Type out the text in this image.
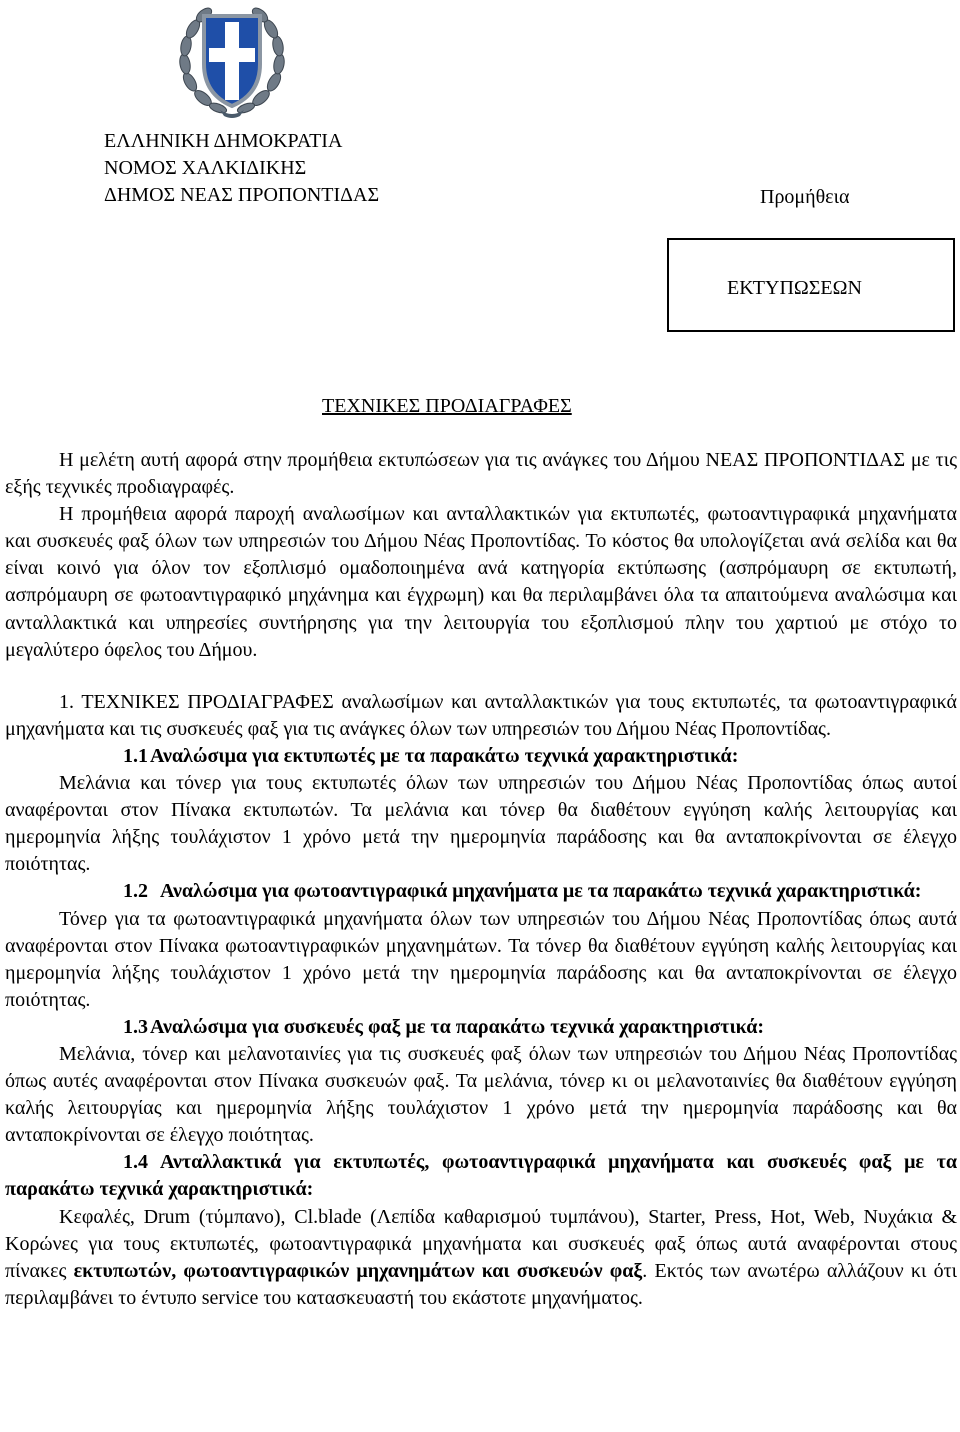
ΕΛΛΗΝΙΚΗ ΔΗΜΟΚΡΑΤΙΑ
ΝΟΜΟΣ ΧΑΛΚΙΔΙΚΗΣ
ΔΗΜΟΣ ΝΕΑΣ ΠΡΟΠΟΝΤΙΔΑΣ	Προμήθεια
ΕΚΤΥΠΩΣΕΩΝ
ΤΕΧΝΙΚΕΣ ΠΡΟΔΙΑΓΡΑΦΕΣ

Η μελέτη αυτή αφορά στην προμήθεια εκτυπώσεων για τις ανάγκες του Δήμου ΝΕΑΣ ΠΡΟΠΟΝΤΙΔΑΣ με τις εξής τεχνικές προδιαγραφές.

Η προμήθεια αφορά παροχή αναλωσίμων και ανταλλακτικών για εκτυπωτές, φωτοαντιγραφικά μηχανήματα και συσκευές φαξ όλων των υπηρεσιών του Δήμου Νέας Προποντίδας. Το κόστος θα υπολογίζεται ανά σελίδα και θα είναι κοινό για όλον τον εξοπλισμό ομαδοποιημένα ανά κατηγορία εκτύπωσης (ασπρόμαυρη σε εκτυπωτή, ασπρόμαυρη σε φωτοαντιγραφικό μηχάνημα και έγχρωμη) και θα περιλαμβάνει όλα τα απαιτούμενα αναλώσιμα και ανταλλακτικά και υπηρεσίες συντήρησης για την λειτουργία του εξοπλισμού πλην του χαρτιού με στόχο το μεγαλύτερο όφελος του Δήμου.

1. ΤΕΧΝΙΚΕΣ ΠΡΟΔΙΑΓΡΑΦΕΣ αναλωσίμων και ανταλλακτικών για τους εκτυπωτές, τα φωτοαντιγραφικά μηχανήματα και τις συσκευές φαξ για τις ανάγκες όλων των υπηρεσιών του Δήμου Νέας Προποντίδας.

1.1 Αναλώσιμα για εκτυπωτές με τα παρακάτω τεχνικά χαρακτηριστικά:

Μελάνια και τόνερ για τους εκτυπωτές όλων των υπηρεσιών του Δήμου Νέας Προποντίδας όπως αυτοί αναφέρονται στον Πίνακα εκτυπωτών. Τα μελάνια και τόνερ θα διαθέτουν εγγύηση καλής λειτουργίας και ημερομηνία λήξης τουλάχιστον 1 χρόνο μετά την ημερομηνία παράδοσης και θα ανταποκρίνονται σε έλεγχο ποιότητας.

1.2 Αναλώσιμα για φωτοαντιγραφικά μηχανήματα με τα παρακάτω τεχνικά χαρακτηριστικά:

Τόνερ για τα φωτοαντιγραφικά μηχανήματα όλων των υπηρεσιών του Δήμου Νέας Προποντίδας όπως αυτά αναφέρονται στον Πίνακα φωτοαντιγραφικών μηχανημάτων. Τα τόνερ θα διαθέτουν εγγύηση καλής λειτουργίας και ημερομηνία λήξης τουλάχιστον 1 χρόνο μετά την ημερομηνία παράδοσης και θα ανταποκρίνονται σε έλεγχο ποιότητας.

1.3 Αναλώσιμα για συσκευές φαξ με τα παρακάτω τεχνικά χαρακτηριστικά:

Μελάνια, τόνερ και μελανοταινίες για τις συσκευές φαξ όλων των υπηρεσιών του Δήμου Νέας Προποντίδας όπως αυτές αναφέρονται στον Πίνακα συσκευών φαξ. Τα μελάνια, τόνερ κι οι μελανοταινίες θα διαθέτουν εγγύηση καλής λειτουργίας και ημερομηνία λήξης τουλάχιστον 1 χρόνο μετά την ημερομηνία παράδοσης και θα ανταποκρίνονται σε έλεγχο ποιότητας.

1.4 Ανταλλακτικά για εκτυπωτές, φωτοαντιγραφικά μηχανήματα και συσκευές φαξ με τα παρακάτω τεχνικά χαρακτηριστικά:

Κεφαλές, Drum (τύμπανο), Cl.blade (Λεπίδα καθαρισμού τυμπάνου), Starter, Press, Hot, Web, Νυχάκια & Κορώνες για τους εκτυπωτές, φωτοαντιγραφικά μηχανήματα και συσκευές φαξ όπως αυτά αναφέρονται στους πίνακες εκτυπωτών, φωτοαντιγραφικών μηχανημάτων και συσκευών φαξ. Εκτός των ανωτέρω αλλάζουν κι ότι περιλαμβάνει το έντυπο service του κατασκευαστή του εκάστοτε μηχανήματος.
